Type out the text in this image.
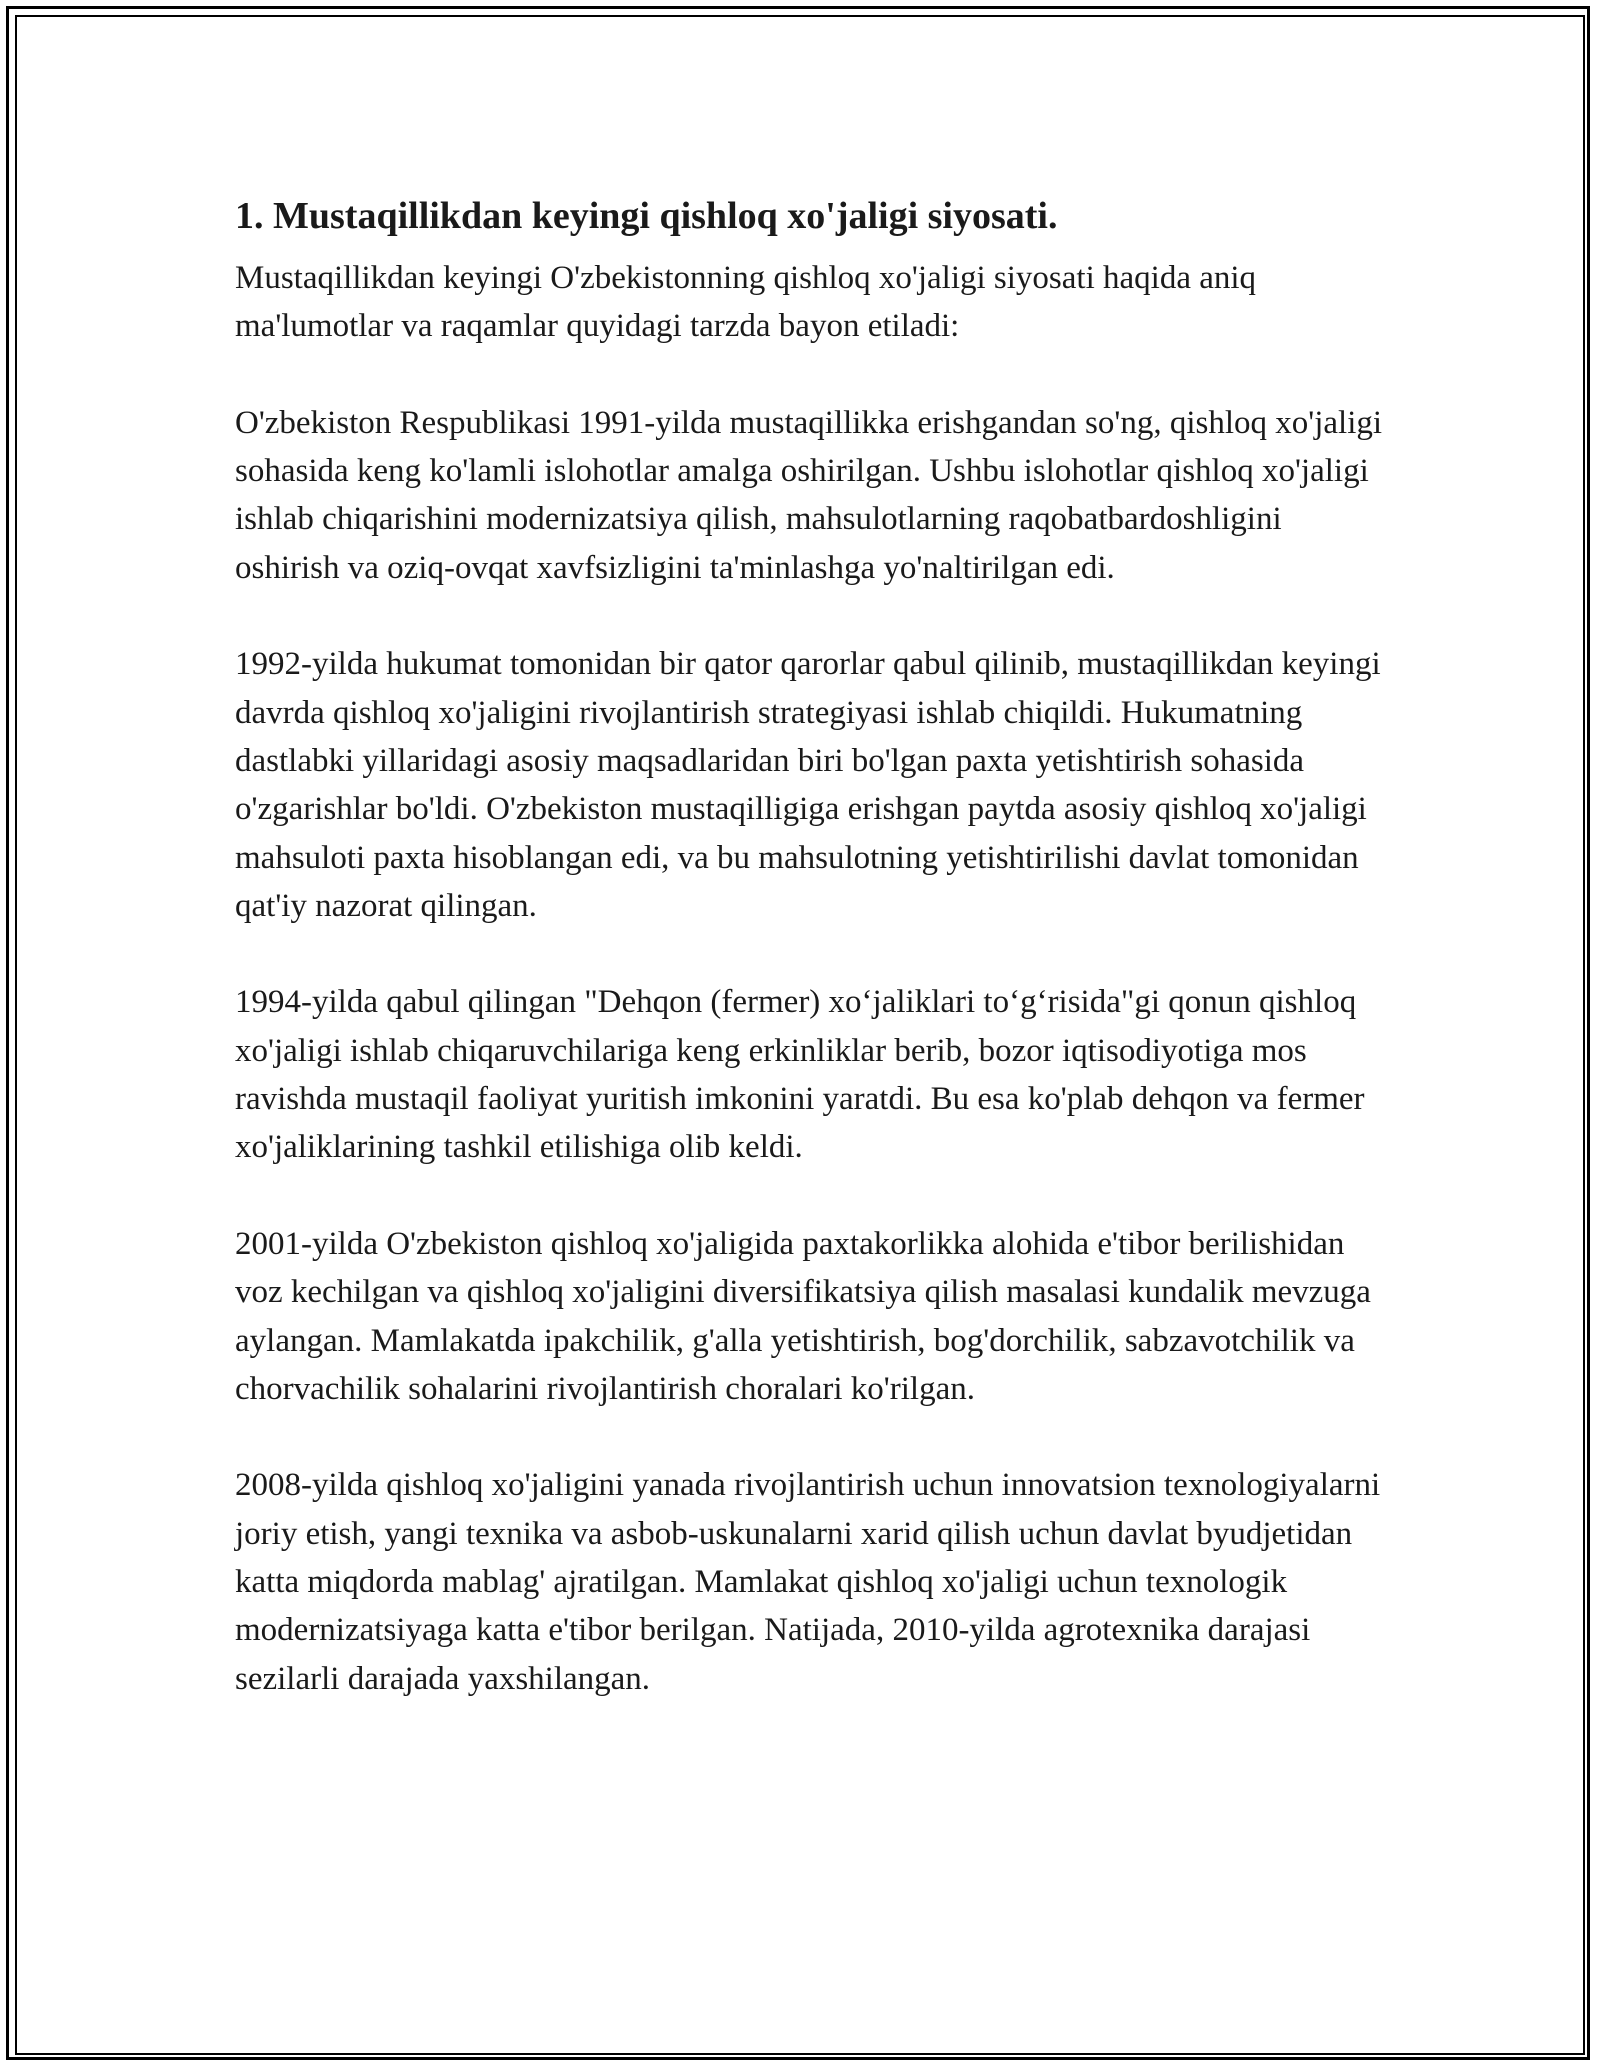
1. Mustaqillikdan keyingi qishloq xo'jaligi siyosati.

Mustaqillikdan keyingi O'zbekistonning qishloq xo'jaligi siyosati haqida aniq ma'lumotlar va raqamlar quyidagi tarzda bayon etiladi:

O'zbekiston Respublikasi 1991-yilda mustaqillikka erishgandan so'ng, qishloq xo'jaligi sohasida keng ko'lamli islohotlar amalga oshirilgan. Ushbu islohotlar qishloq xo'jaligi ishlab chiqarishini modernizatsiya qilish, mahsulotlarning raqobatbardoshligini oshirish va oziq-ovqat xavfsizligini ta'minlashga yo'naltirilgan edi.

1992-yilda hukumat tomonidan bir qator qarorlar qabul qilinib, mustaqillikdan keyingi davrda qishloq xo'jaligini rivojlantirish strategiyasi ishlab chiqildi. Hukumatning dastlabki yillaridagi asosiy maqsadlaridan biri bo'lgan paxta yetishtirish sohasida o'zgarishlar bo'ldi. O'zbekiston mustaqilligiga erishgan paytda asosiy qishloq xo'jaligi mahsuloti paxta hisoblangan edi, va bu mahsulotning yetishtirilishi davlat tomonidan qat'iy nazorat qilingan.

1994-yilda qabul qilingan "Dehqon (fermer) xo‘jaliklari to‘g‘risida"gi qonun qishloq xo'jaligi ishlab chiqaruvchilariga keng erkinliklar berib, bozor iqtisodiyotiga mos ravishda mustaqil faoliyat yuritish imkonini yaratdi. Bu esa ko'plab dehqon va fermer xo'jaliklarining tashkil etilishiga olib keldi.

2001-yilda O'zbekiston qishloq xo'jaligida paxtakorlikka alohida e'tibor berilishidan voz kechilgan va qishloq xo'jaligini diversifikatsiya qilish masalasi kundalik mevzuga aylangan. Mamlakatda ipakchilik, g'alla yetishtirish, bog'dorchilik, sabzavotchilik va chorvachilik sohalarini rivojlantirish choralari ko'rilgan.

2008-yilda qishloq xo'jaligini yanada rivojlantirish uchun innovatsion texnologiyalarni joriy etish, yangi texnika va asbob-uskunalarni xarid qilish uchun davlat byudjetidan katta miqdorda mablag' ajratilgan. Mamlakat qishloq xo'jaligi uchun texnologik modernizatsiyaga katta e'tibor berilgan. Natijada, 2010-yilda agrotexnika darajasi sezilarli darajada yaxshilangan.
